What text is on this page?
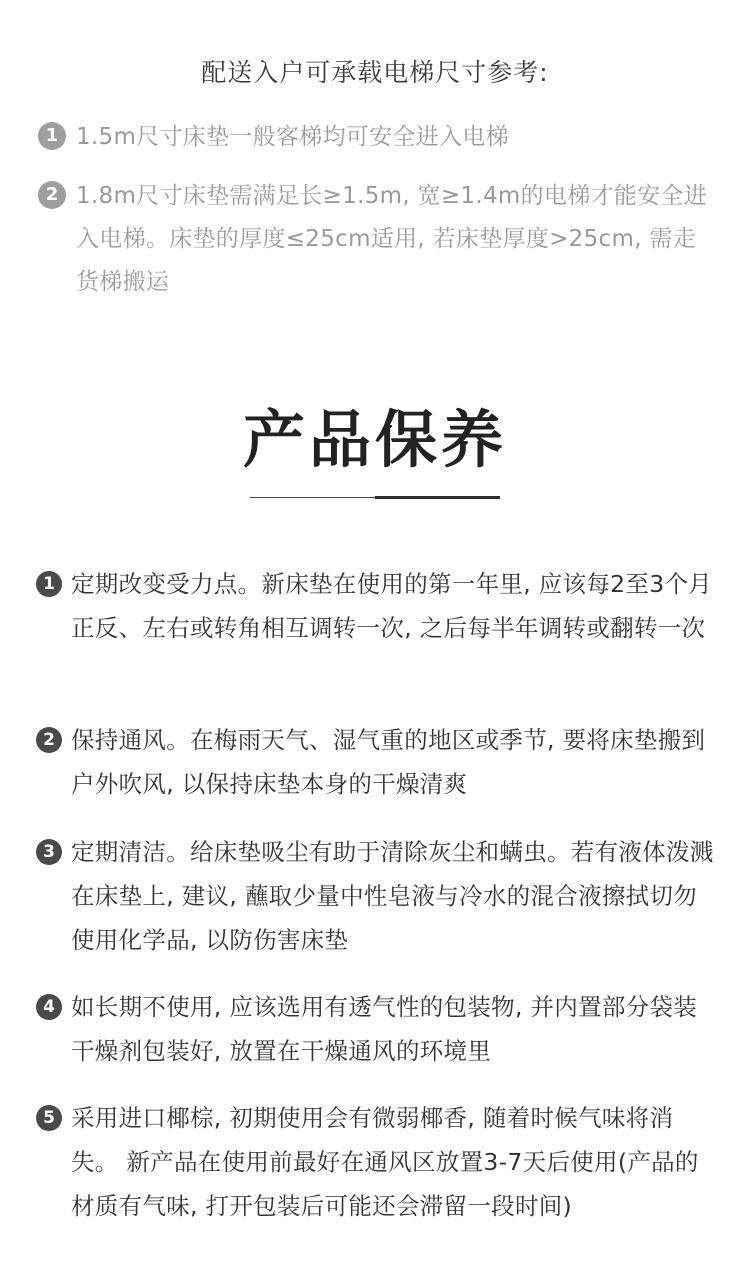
配送入户可承载电梯尺寸参考:
1 1.5m尺寸床垫一般客梯均可安全进入电梯
2 1.8m尺寸床垫需满足长≥1.5m, 宽≥1.4m的电梯才能安全进入电梯。床垫的厚度≤25cm适用, 若床垫厚度>25cm, 需走货梯搬运
产品保养
1 定期改变受力点。新床垫在使用的第一年里, 应该每2至3个月正反、左右或转角相互调转一次, 之后每半年调转或翻转一次
2 保持通风。在梅雨天气、湿气重的地区或季节, 要将床垫搬到户外吹风, 以保持床垫本身的干燥清爽
3 定期清洁。给床垫吸尘有助于清除灰尘和螨虫。若有液体泼溅在床垫上, 建议, 蘸取少量中性皂液与冷水的混合液擦拭切勿使用化学品, 以防伤害床垫
4 如长期不使用, 应该选用有透气性的包装物, 并内置部分袋装干燥剂包装好, 放置在干燥通风的环境里
5 采用进口椰棕, 初期使用会有微弱椰香, 随着时候气味将消失。 新产品在使用前最好在通风区放置3-7天后使用(产品的材质有气味, 打开包装后可能还会滞留一段时间)
